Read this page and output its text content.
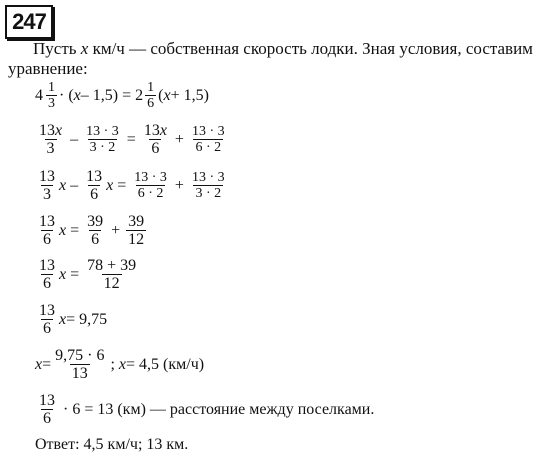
247
Пусть x км/ч — собственная скорость лодки. Зная условия, составим
уравнение:
$4 \frac{1}{3}$ · ( $x - 1,5) = 2 \frac{1}{6}$ ( x + 1,5)
$\frac{13x}{3} - \frac{13 \cdot 3}{3 \cdot 2} = \frac{13x}{6} + \frac{13 \cdot 3}{6 \cdot 2}$
$\frac{13}{3}$ x – $\frac{13}{6}$ $x = \frac{13 \cdot 3}{6 \cdot 2} + \frac{13 \cdot 3}{3 \cdot 2}$
$\frac{13}{6}$ $x = \frac{39}{6} + \frac{39}{12}$
$\frac{13}{6}$ $x = \frac{78 + 39}{12}$
$\frac{13}{6}$ x = 9,75
$x = \frac{9,75 \cdot 6}{13}$ ; x = 4,5 (км/ч)
$\frac{13}{6} \cdot 6 = 13$ (км) — расстояние между поселками.
Ответ: 4,5 км/ч; 13 км.
